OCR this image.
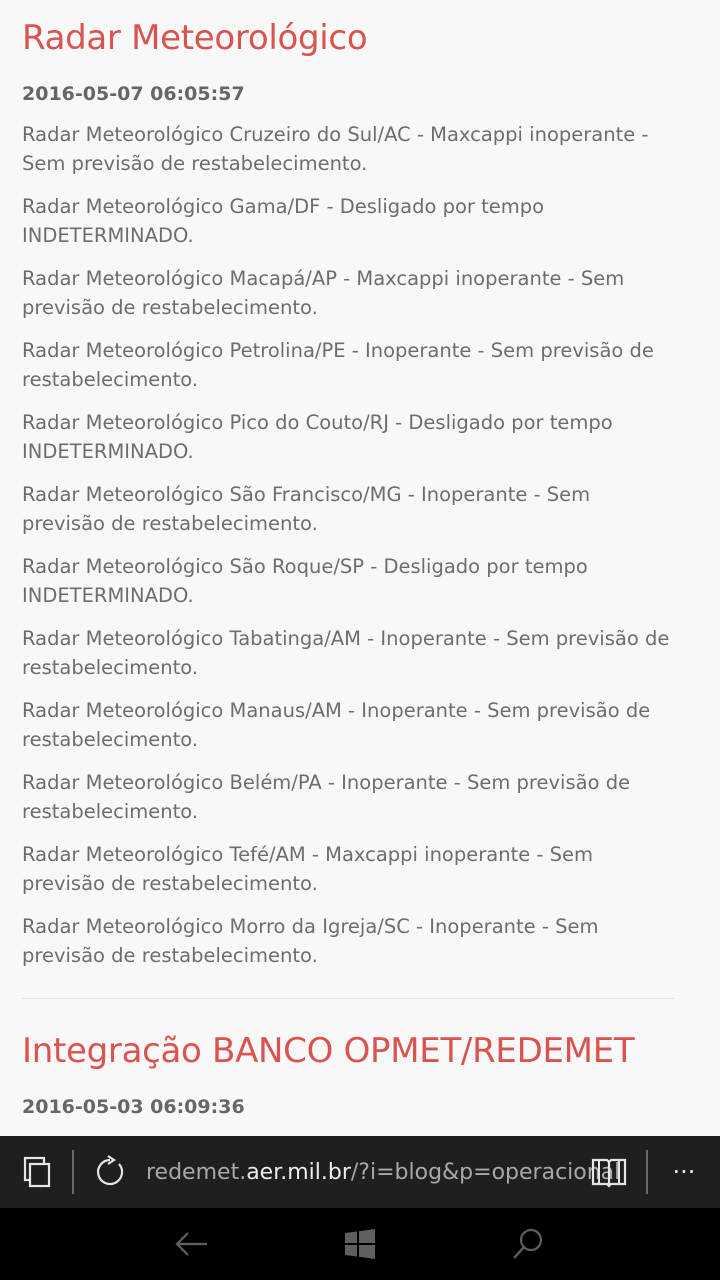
Radar Meteorológico
2016-05-07 06:05:57

Radar Meteorológico Cruzeiro do Sul/AC - Maxcappi inoperante - Sem previsão de restabelecimento.

Radar Meteorológico Gama/DF - Desligado por tempo INDETERMINADO.

Radar Meteorológico Macapá/AP - Maxcappi inoperante - Sem previsão de restabelecimento.

Radar Meteorológico Petrolina/PE - Inoperante - Sem previsão de restabelecimento.

Radar Meteorológico Pico do Couto/RJ - Desligado por tempo INDETERMINADO.

Radar Meteorológico São Francisco/MG - Inoperante - Sem previsão de restabelecimento.

Radar Meteorológico São Roque/SP - Desligado por tempo INDETERMINADO.

Radar Meteorológico Tabatinga/AM - Inoperante - Sem previsão de restabelecimento.

Radar Meteorológico Manaus/AM - Inoperante - Sem previsão de restabelecimento.

Radar Meteorológico Belém/PA - Inoperante - Sem previsão de restabelecimento.

Radar Meteorológico Tefé/AM - Maxcappi inoperante - Sem previsão de restabelecimento.

Radar Meteorológico Morro da Igreja/SC - Inoperante - Sem previsão de restabelecimento.

Integração BANCO OPMET/REDEMET
2016-05-03 06:09:36
redemet. aer.mil.br /?i=blog&p=operacional	···
